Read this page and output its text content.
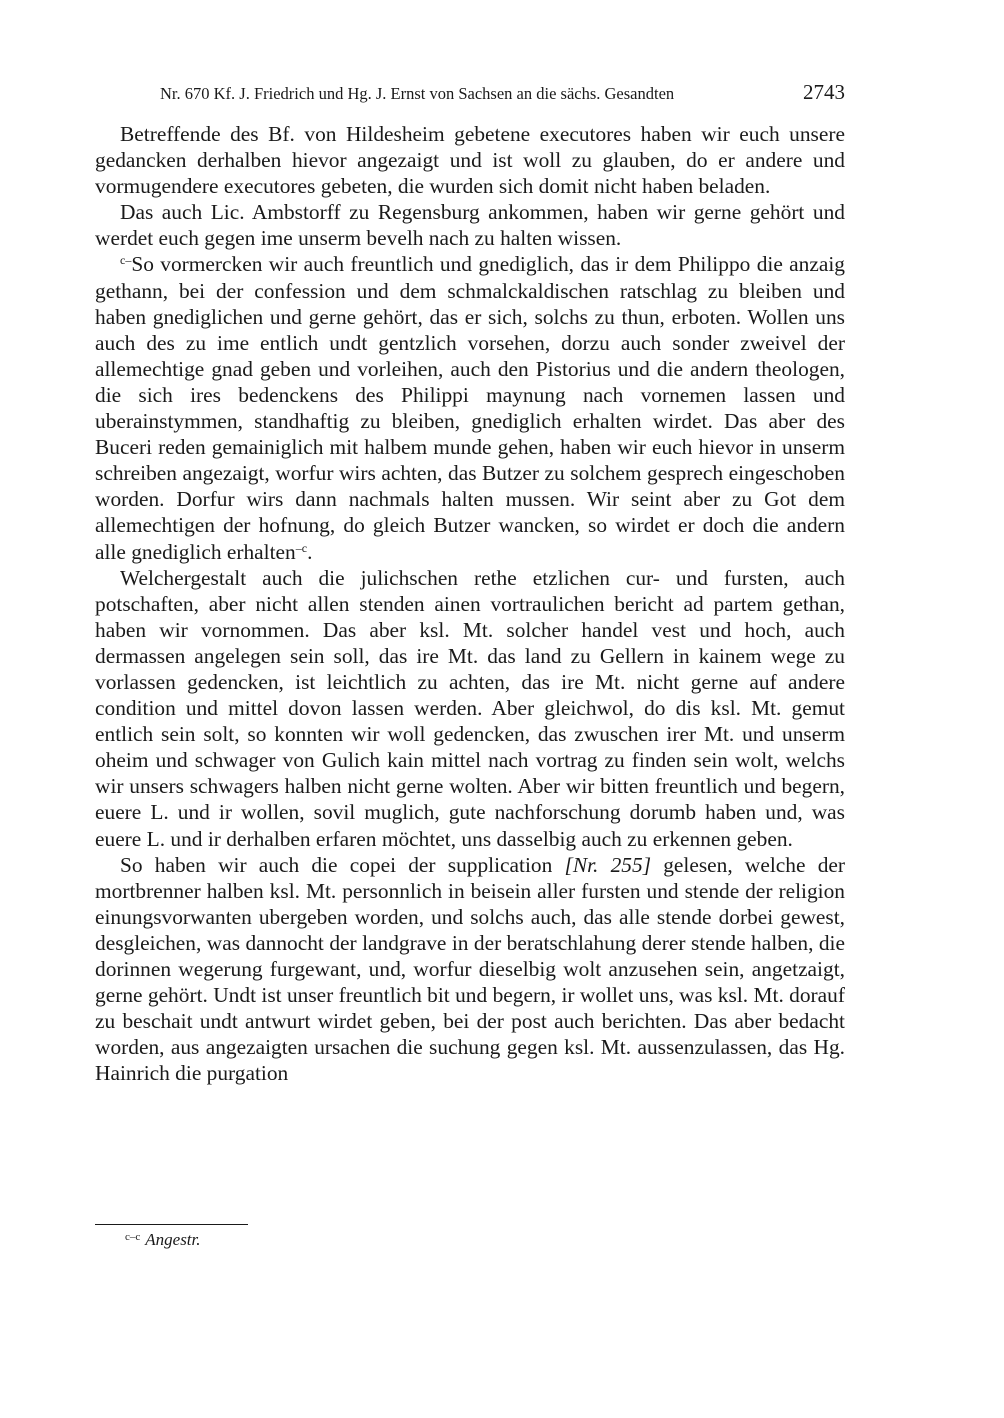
Nr. 670 Kf. J. Friedrich und Hg. J. Ernst von Sachsen an die sächs. Gesandten	2743

Betreffende des Bf. von Hildesheim gebetene executores haben wir euch unsere gedancken derhalben hievor angezaigt und ist woll zu glauben, do er andere und vormugendere executores gebeten, die wurden sich domit nicht haben beladen.

Das auch Lic. Ambstorff zu Regensburg ankommen, haben wir gerne gehört und werdet euch gegen ime unserm bevelh nach zu halten wissen.

$^{c-}$So vormercken wir auch freuntlich und gnediglich, das ir dem Philippo die anzaig gethann, bei der confession und dem schmalckaldischen ratschlag zu bleiben und haben gnediglichen und gerne gehört, das er sich, solchs zu thun, erboten. Wollen uns auch des zu ime entlich undt gentzlich vorsehen, dorzu auch sonder zweivel der allemechtige gnad geben und vorleihen, auch den Pistorius und die andern theologen, die sich ires bedenckens des Philippi maynung nach vornemen lassen und uberainstymmen, standhaftig zu bleiben, gnediglich erhalten wirdet. Das aber des Buceri reden gemainiglich mit halbem munde gehen, haben wir euch hievor in unserm schreiben angezaigt, worfur wirs achten, das Butzer zu solchem gesprech eingeschoben worden. Dorfur wirs dann nachmals halten mussen. Wir seint aber zu Got dem allemechtigen der hofnung, do gleich Butzer wancken, so wirdet er doch die andern alle gnediglich erhalten$^{-c}$.

Welchergestalt auch die julichschen rethe etzlichen cur- und fursten, auch potschaften, aber nicht allen stenden ainen vortraulichen bericht ad partem gethan, haben wir vornommen. Das aber ksl. Mt. solcher handel vest und hoch, auch dermassen angelegen sein soll, das ire Mt. das land zu Gellern in kainem wege zu vorlassen gedencken, ist leichtlich zu achten, das ire Mt. nicht gerne auf andere condition und mittel dovon lassen werden. Aber gleichwol, do dis ksl. Mt. gemut entlich sein solt, so konnten wir woll gedencken, das zwuschen irer Mt. und unserm oheim und schwager von Gulich kain mittel nach vortrag zu finden sein wolt, welchs wir unsers schwagers halben nicht gerne wolten. Aber wir bitten freuntlich und begern, euere L. und ir wollen, sovil muglich, gute nachforschung dorumb haben und, was euere L. und ir derhalben erfaren möchtet, uns dasselbig auch zu erkennen geben.

So haben wir auch die copei der supplication [Nr. 255] gelesen, welche der mortbrenner halben ksl. Mt. personnlich in beisein aller fursten und stende der religion einungsvorwanten ubergeben worden, und solchs auch, das alle stende dorbei gewest, desgleichen, was dannocht der landgrave in der beratschlahung derer stende halben, die dorinnen wegerung furgewant, und, worfur dieselbig wolt anzusehen sein, angetzaigt, gerne gehört. Undt ist unser freuntlich bit und begern, ir wollet uns, was ksl. Mt. dorauf zu beschait undt antwurt wirdet geben, bei der post auch berichten. Das aber bedacht worden, aus angezaigten ursachen die suchung gegen ksl. Mt. aussenzulassen, das Hg. Hainrich die purgation

$^{c-c}$ Angestr.
